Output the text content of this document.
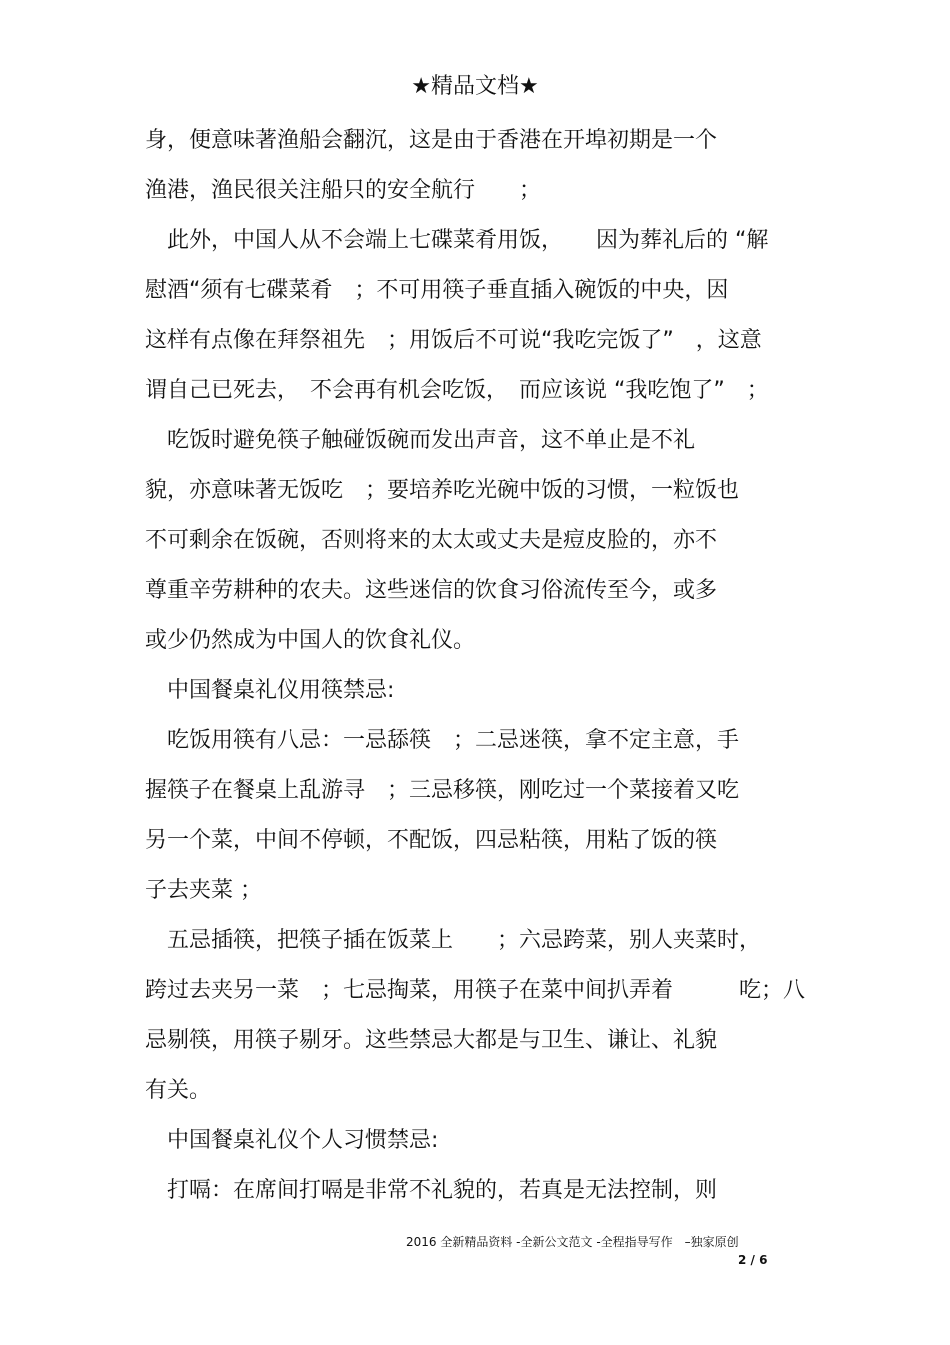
★精品文档★
身，便意味著渔船会翻沉，这是由于香港在开埠初期是一个
渔港，渔民很关注船只的安全航行　　；
　此外，中国人从不会端上七碟菜肴用饭，　　因为葬礼后的 “解
慰酒“须有七碟菜肴　；不可用筷子垂直插入碗饭的中央，因
这样有点像在拜祭祖先　；用饭后不可说“我吃完饭了”　，这意
谓自己已死去，　不会再有机会吃饭，　而应该说 “我吃饱了”　；
　吃饭时避免筷子触碰饭碗而发出声音，这不单止是不礼
貌，亦意味著无饭吃　；要培养吃光碗中饭的习惯，一粒饭也
不可剩余在饭碗，否则将来的太太或丈夫是痘皮脸的，亦不
尊重辛劳耕种的农夫。这些迷信的饮食习俗流传至今，或多
或少仍然成为中国人的饮食礼仪。
　中国餐桌礼仪用筷禁忌:
　吃饭用筷有八忌：一忌舔筷　；二忌迷筷，拿不定主意，手
握筷子在餐桌上乱游寻　；三忌移筷，刚吃过一个菜接着又吃
另一个菜，中间不停顿，不配饭，四忌粘筷，用粘了饭的筷
子去夹菜 ；
　五忌插筷，把筷子插在饭菜上　　；六忌跨菜，别人夹菜时，
跨过去夹另一菜　；七忌掏菜，用筷子在菜中间扒弄着　　　吃；八
忌剔筷，用筷子剔牙。这些禁忌大都是与卫生、谦让、礼貌
有关。
　中国餐桌礼仪个人习惯禁忌:
　打嗝：在席间打嗝是非常不礼貌的，若真是无法控制，则
2016 全新精品资料 -全新公文范文 -全程指导写作　–独家原创
2 / 6
